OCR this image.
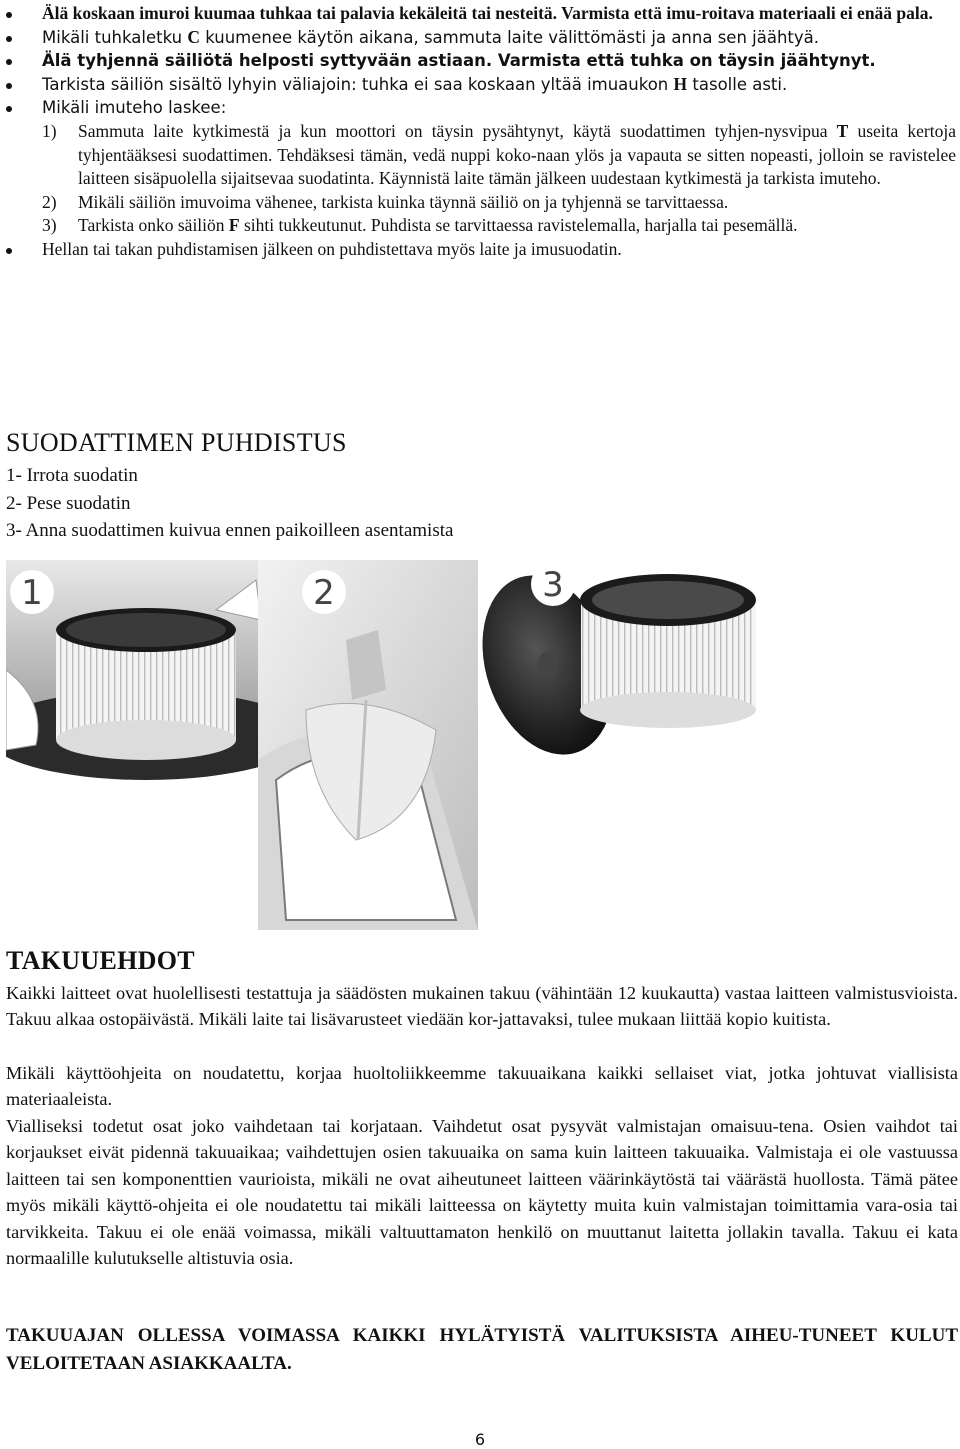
Älä koskaan imuroi kuumaa tuhkaa tai palavia kekäleitä tai nesteitä. Varmista että imu-roitava materiaali ei enää pala.
Mikäli tuhkaletku C kuumenee käytön aikana, sammuta laite välittömästi ja anna sen jäähtyä.
Älä tyhjennä säiliötä helposti syttyvään astiaan. Varmista että tuhka on täysin jäähtynyt.
Tarkista säiliön sisältö lyhyin väliajoin: tuhka ei saa koskaan yltää imuaukon H tasolle asti.
Mikäli imuteho laskee:
1) Sammuta laite kytkimestä ja kun moottori on täysin pysähtynyt, käytä suodattimen tyhjen-nysvipua T useita kertoja tyhjentääksesi suodattimen. Tehdäksesi tämän, vedä nuppi koko-naan ylös ja vapauta se sitten nopeasti, jolloin se ravistelee laitteen sisäpuolella sijaitsevaa suodatinta. Käynnistä laite tämän jälkeen uudestaan kytkimestä ja tarkista imuteho.
2) Mikäli säiliön imuvoima vähenee, tarkista kuinka täynnä säiliö on ja tyhjennä se tarvittaessa.
3) Tarkista onko säiliön F sihti tukkeutunut. Puhdista se tarvittaessa ravistelemalla, harjalla tai pesemällä.
Hellan tai takan puhdistamisen jälkeen on puhdistettava myös laite ja imusuodatin.
SUODATTIMEN PUHDISTUS
1- Irrota suodatin
2- Pese suodatin
3- Anna suodattimen kuivua ennen paikoilleen asentamista
1	2	3
TAKUUEHDOT

Kaikki laitteet ovat huolellisesti testattuja ja säädösten mukainen takuu (vähintään 12 kuukautta) vastaa laitteen valmistusvioista. Takuu alkaa ostopäivästä. Mikäli laite tai lisävarusteet viedään kor-jattavaksi, tulee mukaan liittää kopio kuitista.

Mikäli käyttöohjeita on noudatettu, korjaa huoltoliikkeemme takuuaikana kaikki sellaiset viat, jotka johtuvat viallisista materiaaleista.

Vialliseksi todetut osat joko vaihdetaan tai korjataan. Vaihdetut osat pysyvät valmistajan omaisuu-tena. Osien vaihdot tai korjaukset eivät pidennä takuuaikaa; vaihdettujen osien takuuaika on sama kuin laitteen takuuaika. Valmistaja ei ole vastuussa laitteen tai sen komponenttien vaurioista, mikäli ne ovat aiheutuneet laitteen väärinkäytöstä tai väärästä huollosta. Tämä pätee myös mikäli käyttö-ohjeita ei ole noudatettu tai mikäli laitteessa on käytetty muita kuin valmistajan toimittamia vara-osia tai tarvikkeita. Takuu ei ole enää voimassa, mikäli valtuuttamaton henkilö on muuttanut laitetta jollakin tavalla. Takuu ei kata normaalille kulutukselle altistuvia osia.

TAKUUAJAN OLLESSA VOIMASSA KAIKKI HYLÄTYISTÄ VALITUKSISTA AIHEU-TUNEET KULUT VELOITETAAN ASIAKKAALTA.

6
